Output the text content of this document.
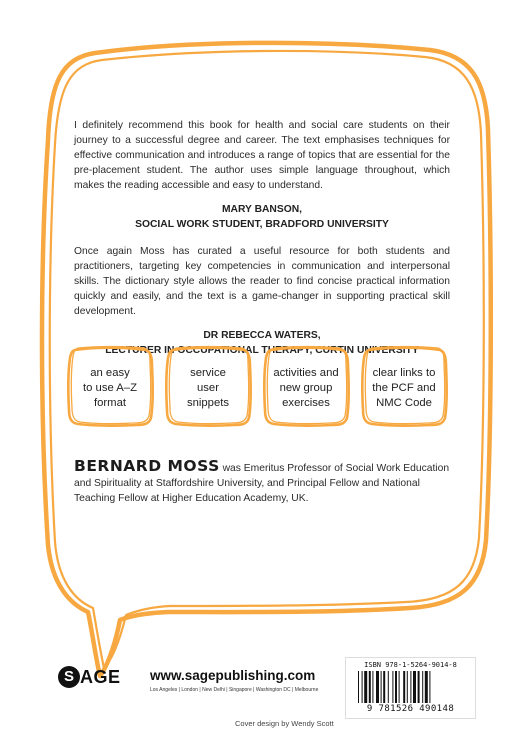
I definitely recommend this book for health and social care students on their journey to a successful degree and career. The text emphasises techniques for effective communication and introduces a range of topics that are essential for the pre-placement student. The author uses simple language throughout, which makes the reading accessible and easy to understand.

MARY BANSON,
SOCIAL WORK STUDENT, BRADFORD UNIVERSITY

Once again Moss has curated a useful resource for both students and practitioners, targeting key competencies in communication and interpersonal skills. The dictionary style allows the reader to find concise practical information quickly and easily, and the text is a game-changer in supporting practical skill development.

DR REBECCA WATERS,
LECTURER IN OCCUPATIONAL THERAPY, CURTIN UNIVERSITY
an easy
to use A–Z
format
service
user
snippets
activities and
new group
exercises
clear links to
the PCF and
NMC Code

BERNARD MOSS was Emeritus Professor of Social Work Education and Spirituality at Staffordshire University, and Principal Fellow and National Teaching Fellow at Higher Education Academy, UK.

S AGE www.sagepublishing.com
Los Angeles | London | New Delhi | Singapore | Washington DC | Melbourne
Cover design by Wendy Scott
ISBN 978-1-5264-9014-8
9 781526 490148
